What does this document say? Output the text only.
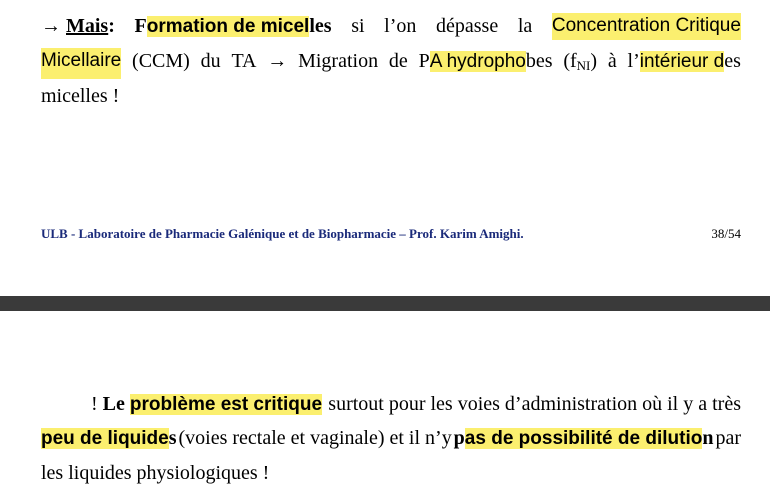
→ Mais: Formation de micelles si l’on dépasse la Concentration Critique
Micellaire (CCM) du TA → Migration de PA hydrophobes $(f_{NI})$ à l’intérieur des
micelles !
ULB - Laboratoire de Pharmacie Galénique et de Biopharmacie – Prof. Karim Amighi.	38/54
! Le problème est critique surtout pour les voies d’administration où il y a très
peu de liquides (voies rectale et vaginale) et il n’y pas de possibilité de dilution par
les liquides physiologiques !
